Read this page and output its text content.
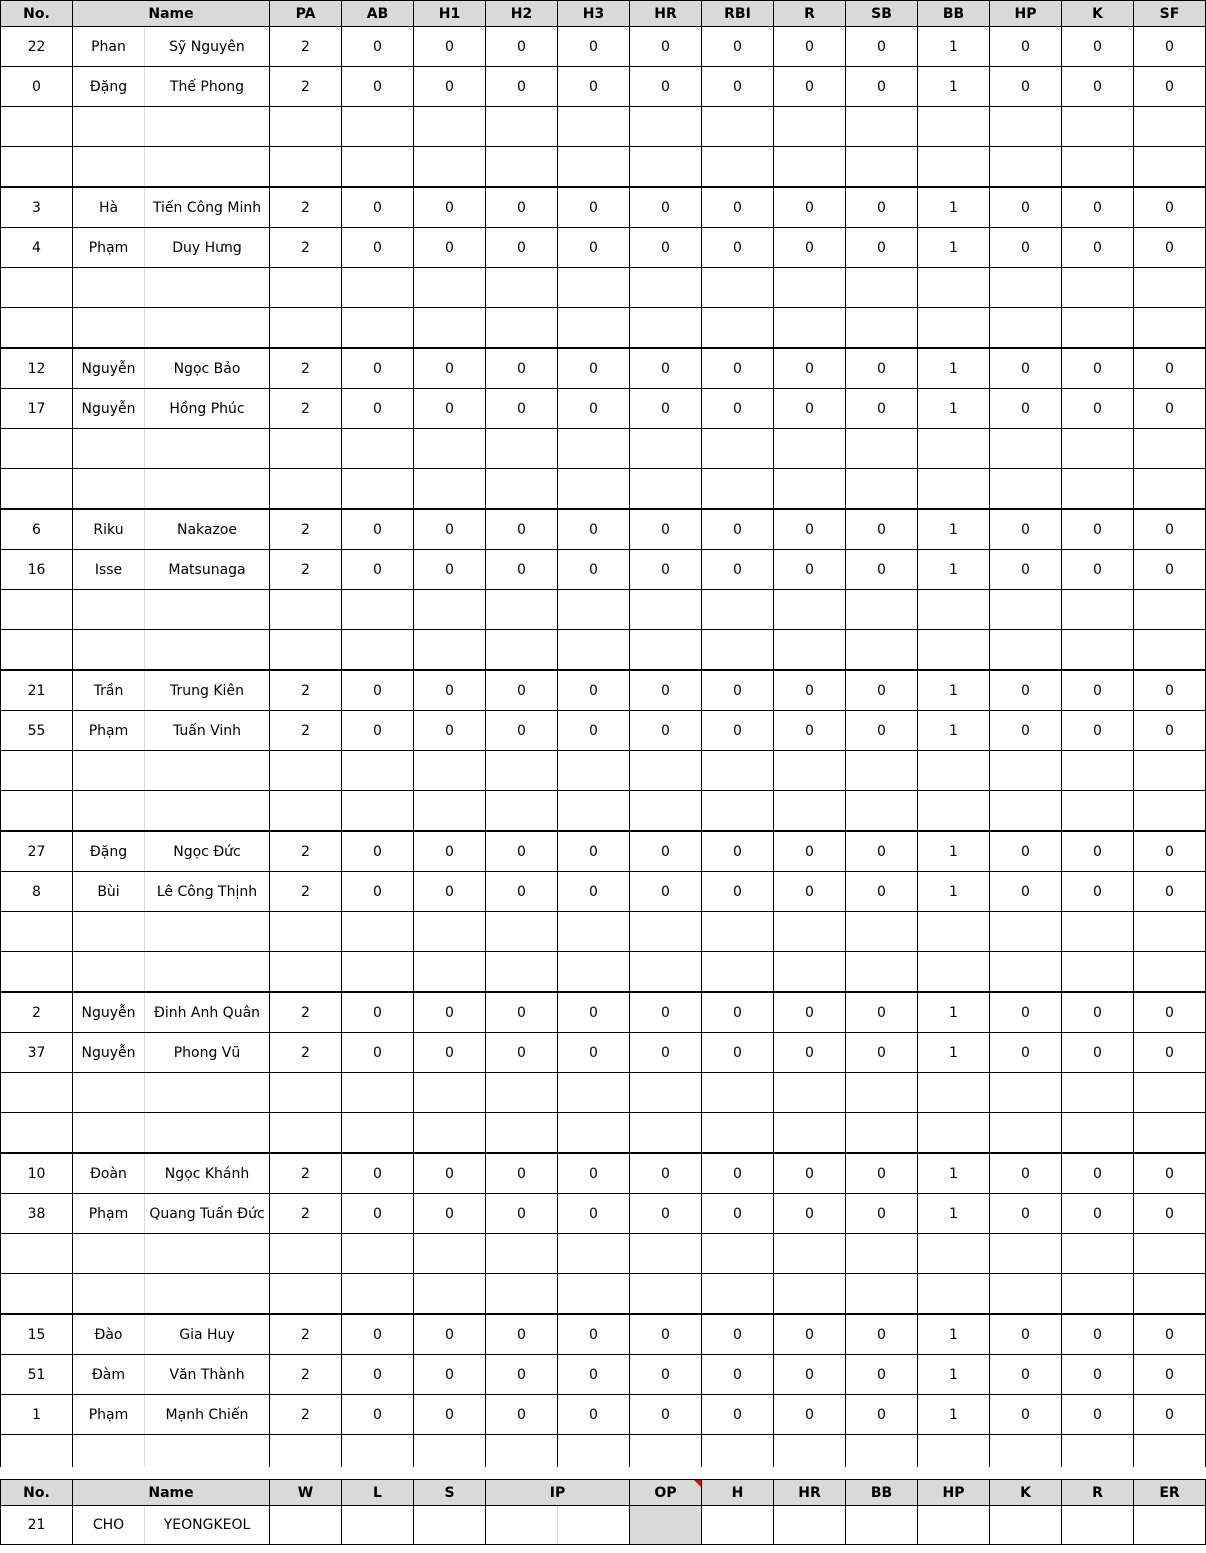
No.	Name		PA	AB	H1	H2	H3	HR	RBI	R	SB	BB	HP	K	SF
22	Phan	Sỹ Nguyên	2	0	0	0	0	0	0	0	0	1	0	0	0
0	Đặng	Thế Phong	2	0	0	0	0	0	0	0	0	1	0	0	0

3	Hà	Tiến Công Minh	2	0	0	0	0	0	0	0	0	1	0	0	0
4	Phạm	Duy Hưng	2	0	0	0	0	0	0	0	0	1	0	0	0

12	Nguyễn	Ngọc Bảo	2	0	0	0	0	0	0	0	0	1	0	0	0
17	Nguyễn	Hồng Phúc	2	0	0	0	0	0	0	0	0	1	0	0	0

6	Riku	Nakazoe	2	0	0	0	0	0	0	0	0	1	0	0	0
16	Isse	Matsunaga	2	0	0	0	0	0	0	0	0	1	0	0	0

21	Trần	Trung Kiên	2	0	0	0	0	0	0	0	0	1	0	0	0
55	Phạm	Tuấn Vinh	2	0	0	0	0	0	0	0	0	1	0	0	0

27	Đặng	Ngọc Đức	2	0	0	0	0	0	0	0	0	1	0	0	0
8	Bùi	Lê Công Thịnh	2	0	0	0	0	0	0	0	0	1	0	0	0

2	Nguyễn	Đinh Anh Quân	2	0	0	0	0	0	0	0	0	1	0	0	0
37	Nguyễn	Phong Vũ	2	0	0	0	0	0	0	0	0	1	0	0	0

10	Đoàn	Ngọc Khánh	2	0	0	0	0	0	0	0	0	1	0	0	0
38	Phạm	Quang Tuấn Đức	2	0	0	0	0	0	0	0	0	1	0	0	0

15	Đào	Gia Huy	2	0	0	0	0	0	0	0	0	1	0	0	0
51	Đàm	Văn Thành	2	0	0	0	0	0	0	0	0	1	0	0	0
1	Phạm	Mạnh Chiến	2	0	0	0	0	0	0	0	0	1	0	0	0

No.	Name		W	L	S	IP		OP	H	HR	BB	HP	K	R	ER
21	CHO	YEONGKEOL													
